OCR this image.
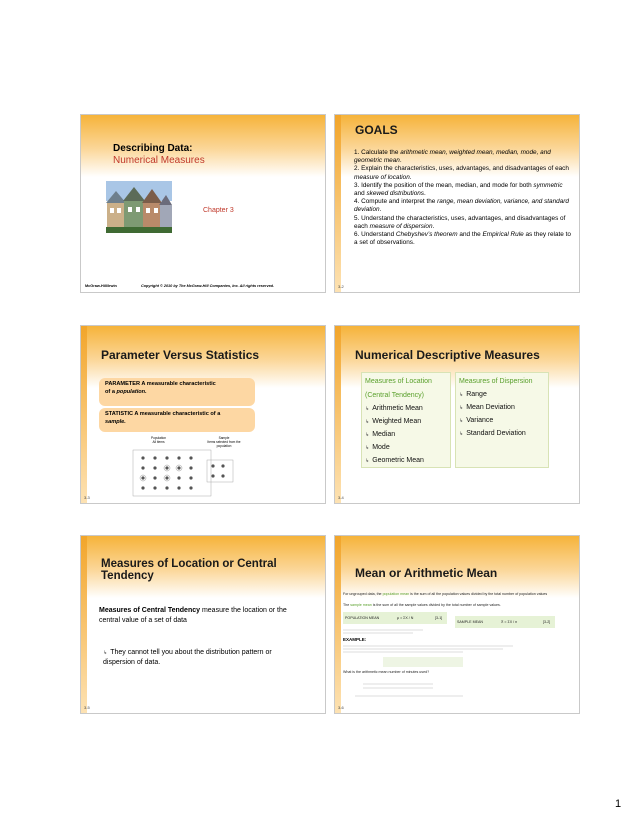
Describing Data:
Numerical Measures
Chapter 3
McGraw-Hill/Irwin	Copyright © 2010 by The McGraw-Hill Companies, Inc. All rights reserved.
GOALS
1. Calculate the arithmetic mean, weighted mean, median, mode, and geometric mean.
2. Explain the characteristics, uses, advantages, and disadvantages of each measure of location.
3. Identify the position of the mean, median, and mode for both symmetric and skewed distributions.
4. Compute and interpret the range, mean deviation, variance, and standard deviation.
5. Understand the characteristics, uses, advantages, and disadvantages of each measure of dispersion.
6. Understand Chebyshev’s theorem and the Empirical Rule as they relate to a set of observations.
3-2
Parameter Versus Statistics
PARAMETER A measurable characteristic
of a population.
STATISTIC A measurable characteristic of a
sample.
Population
All items
Sample
Items selected from the population
3-3
Numerical Descriptive Measures
Measures of Location
(Central Tendency)
↳ Arithmetic Mean
↳ Weighted Mean
↳ Median
↳ Mode
↳ Geometric Mean
Measures of Dispersion
↳ Range
↳ Mean Deviation
↳ Variance
↳ Standard Deviation
3-4
Measures of Location or Central
Tendency
Measures of Central Tendency measure the location or the central value of a set of data
↳ They cannot tell you about the distribution pattern or dispersion of data.
3-5
Mean or Arithmetic Mean
For ungrouped data, the population mean is the sum of all the population values divided by the total number of population values
The sample mean is the sum of all the sample values divided by the total number of sample values.
POPULATION MEAN	μ = ΣX / N	[3-1]
SAMPLE MEAN	X̄ = ΣX / n	[3-2]
EXAMPLE:
What is the arithmetic mean number of minutes used?
3-6
1
